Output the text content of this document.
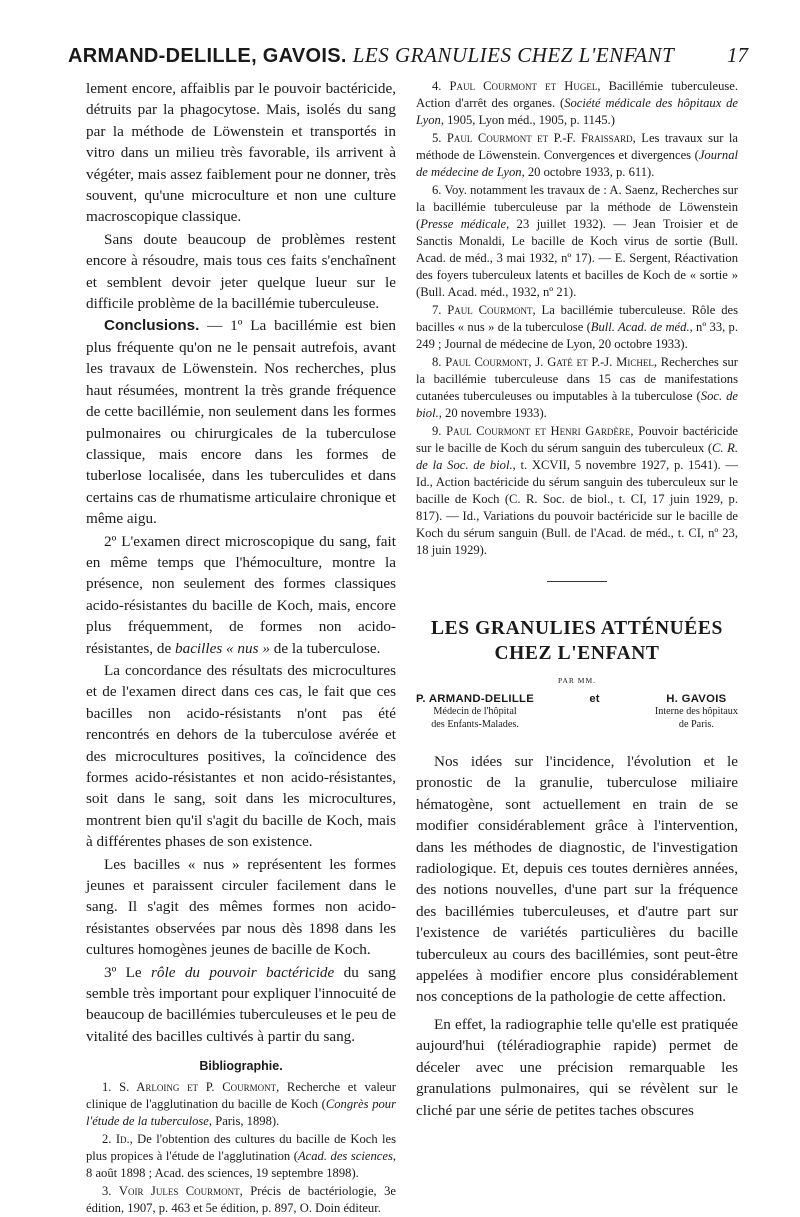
ARMAND-DELILLE, GAVOIS. LES GRANULIES CHEZ L'ENFANT	17

lement encore, affaiblis par le pouvoir bactéricide, détruits par la phagocytose. Mais, isolés du sang par la méthode de Löwenstein et transportés in vitro dans un milieu très favorable, ils arrivent à végéter, mais assez faiblement pour ne donner, très souvent, qu'une microculture et non une culture macroscopique classique.

Sans doute beaucoup de problèmes restent encore à résoudre, mais tous ces faits s'enchaînent et semblent devoir jeter quelque lueur sur le difficile problème de la bacillémie tuberculeuse.

Conclusions. — 1º La bacillémie est bien plus fréquente qu'on ne le pensait autrefois, avant les travaux de Löwenstein. Nos recherches, plus haut résumées, montrent la très grande fréquence de cette bacillémie, non seulement dans les formes pulmonaires ou chirurgicales de la tuberculose classique, mais encore dans les formes de tuberlose localisée, dans les tuberculides et dans certains cas de rhumatisme articulaire chronique et même aigu.

2º L'examen direct microscopique du sang, fait en même temps que l'hémoculture, montre la présence, non seulement des formes classiques acido-résistantes du bacille de Koch, mais, encore plus fréquemment, de formes non acido-résistantes, de bacilles « nus » de la tuberculose.

La concordance des résultats des microcultures et de l'examen direct dans ces cas, le fait que ces bacilles non acido-résistants n'ont pas été rencontrés en dehors de la tuberculose avérée et des microcultures positives, la coïncidence des formes acido-résistantes et non acido-résistantes, soit dans le sang, soit dans les microcultures, montrent bien qu'il s'agit du bacille de Koch, mais à différentes phases de son existence.

Les bacilles « nus » représentent les formes jeunes et paraissent circuler facilement dans le sang. Il s'agit des mêmes formes non acido-résistantes observées par nous dès 1898 dans les cultures homogènes jeunes de bacille de Koch.

3º Le rôle du pouvoir bactéricide du sang semble très important pour expliquer l'innocuité de beaucoup de bacillémies tuberculeuses et le peu de vitalité des bacilles cultivés à partir du sang.

Bibliographie.

1. S. Arloing et P. Courmont, Recherche et valeur clinique de l'agglutination du bacille de Koch (Congrès pour l'étude de la tuberculose, Paris, 1898).

2. Id., De l'obtention des cultures du bacille de Koch les plus propices à l'étude de l'agglutination (Acad. des sciences, 8 août 1898 ; Acad. des sciences, 19 septembre 1898).

3. Voir Jules Courmont, Précis de bactériologie, 3e édition, 1907, p. 463 et 5e édition, p. 897, O. Doin éditeur.

4. Paul Courmont et Hugel, Bacillémie tuberculeuse. Action d'arrêt des organes. (Société médicale des hôpitaux de Lyon, 1905, Lyon méd., 1905, p. 1145.)

5. Paul Courmont et P.-F. Fraissard, Les travaux sur la méthode de Löwenstein. Convergences et divergences (Journal de médecine de Lyon, 20 octobre 1933, p. 611).

6. Voy. notamment les travaux de : A. Saenz, Recherches sur la bacillémie tuberculeuse par la méthode de Löwenstein (Presse médicale, 23 juillet 1932). — Jean Troisier et de Sanctis Monaldi, Le bacille de Koch virus de sortie (Bull. Acad. de méd., 3 mai 1932, nº 17). — E. Sergent, Réactivation des foyers tuberculeux latents et bacilles de Koch de « sortie » (Bull. Acad. méd., 1932, nº 21).

7. Paul Courmont, La bacillémie tuberculeuse. Rôle des bacilles « nus » de la tuberculose (Bull. Acad. de méd., nº 33, p. 249 ; Journal de médecine de Lyon, 20 octobre 1933).

8. Paul Courmont, J. Gaté et P.-J. Michel, Recherches sur la bacillémie tuberculeuse dans 15 cas de manifestations cutanées tuberculeuses ou imputables à la tuberculose (Soc. de biol., 20 novembre 1933).

9. Paul Courmont et Henri Gardère, Pouvoir bactéricide sur le bacille de Koch du sérum sanguin des tuberculeux (C. R. de la Soc. de biol., t. XCVII, 5 novembre 1927, p. 1541). — Id., Action bactéricide du sérum sanguin des tuberculeux sur le bacille de Koch (C. R. Soc. de biol., t. CI, 17 juin 1929, p. 817). — Id., Variations du pouvoir bactéricide sur le bacille de Koch du sérum sanguin (Bull. de l'Acad. de méd., t. CI, nº 23, 18 juin 1929).

LES GRANULIES ATTÉNUÉES
CHEZ L'ENFANT
PAR MM.
P. ARMAND-DELILLE
Médecin de l'hôpital
des Enfants-Malades.
et	H. GAVOIS
Interne des hôpitaux
de Paris.

Nos idées sur l'incidence, l'évolution et le pronostic de la granulie, tuberculose miliaire hématogène, sont actuellement en train de se modifier considérablement grâce à l'intervention, dans les méthodes de diagnostic, de l'investigation radiologique. Et, depuis ces toutes dernières années, des notions nouvelles, d'une part sur la fréquence des bacillémies tuberculeuses, et d'autre part sur l'existence de variétés particulières du bacille tuberculeux au cours des bacillémies, sont peut-être appelées à modifier encore plus considérablement nos conceptions de la pathologie de cette affection.

En effet, la radiographie telle qu'elle est pratiquée aujourd'hui (téléradiographie rapide) permet de déceler avec une précision remarquable les granulations pulmonaires, qui se révèlent sur le cliché par une série de petites taches obscures
